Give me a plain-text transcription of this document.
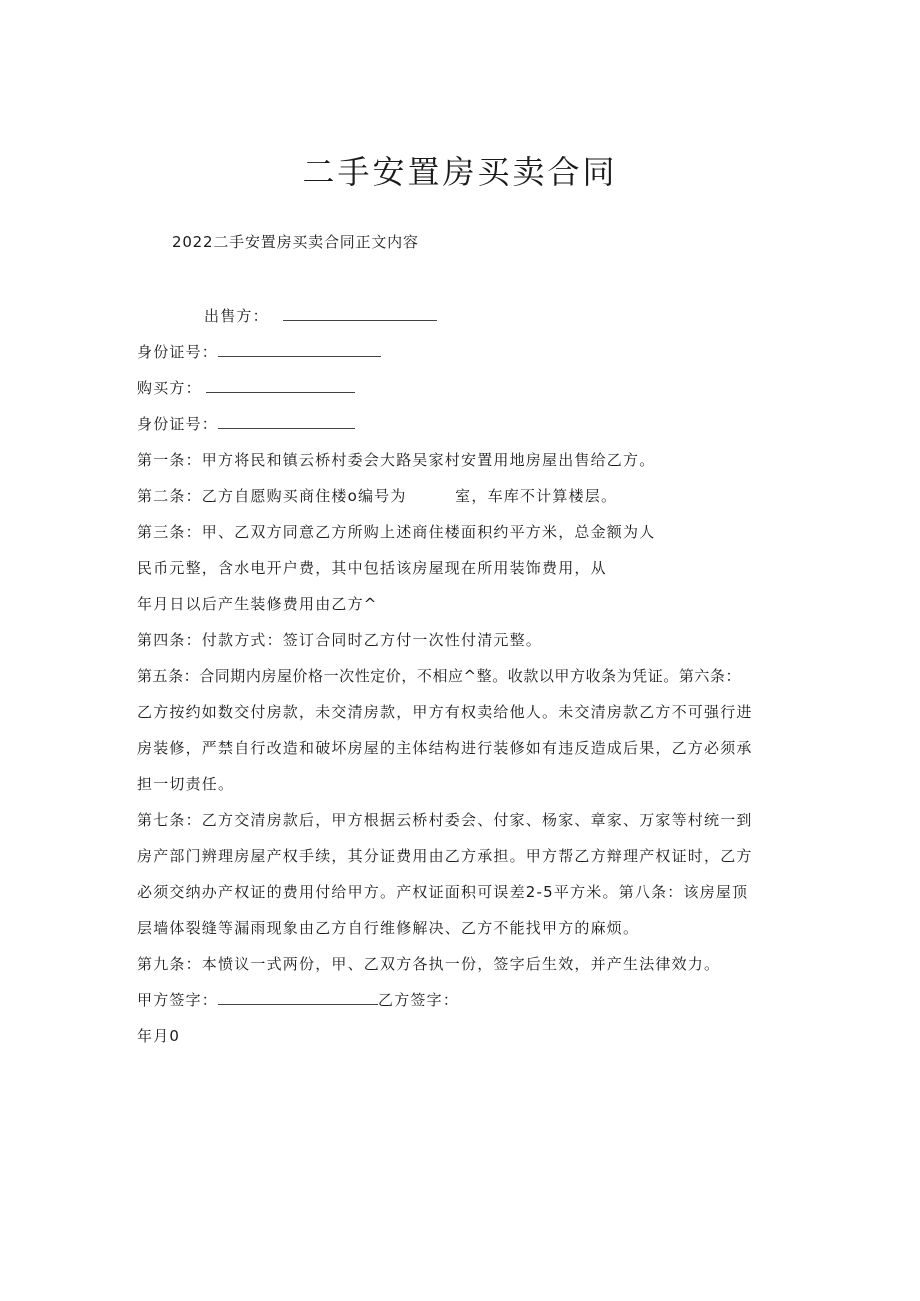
二手安置房买卖合同
2022二手安置房买卖合同正文内容
出售方：
身份证号：
购买方：
身份证号：
第一条：甲方将民和镇云桥村委会大路吴家村安置用地房屋出售给乙方。
第二条：乙方自愿购买商住楼o编号为　　　室，车库不计算楼层。
第三条：甲、乙双方同意乙方所购上述商住楼面积约平方米，总金额为人
民币元整，含水电开户费，其中包括该房屋现在所用装饰费用，从
年月日以后产生装修费用由乙方^
第四条：付款方式：签订合同时乙方付一次性付清元整。
第五条：合同期内房屋价格一次性定价，不相应^整。收款以甲方收条为凭证。第六条：
乙方按约如数交付房款，未交清房款，甲方有权卖给他人。未交清房款乙方不可强行进
房装修，严禁自行改造和破坏房屋的主体结构进行装修如有违反造成后果，乙方必须承
担一切责任。
第七条：乙方交清房款后，甲方根据云桥村委会、付家、杨家、章家、万家等村统一到
房产部门辨理房屋产权手续，其分证费用由乙方承担。甲方帮乙方辩理产权证时，乙方
必须交纳办产权证的费用付给甲方。产权证面积可误差2-5平方米。第八条：该房屋顶
层墙体裂缝等漏雨现象由乙方自行维修解决、乙方不能找甲方的麻烦。
第九条：本愤议一式两份，甲、乙双方各执一份，签字后生效，并产生法律效力。
甲方签字：	乙方签字：
年月0
